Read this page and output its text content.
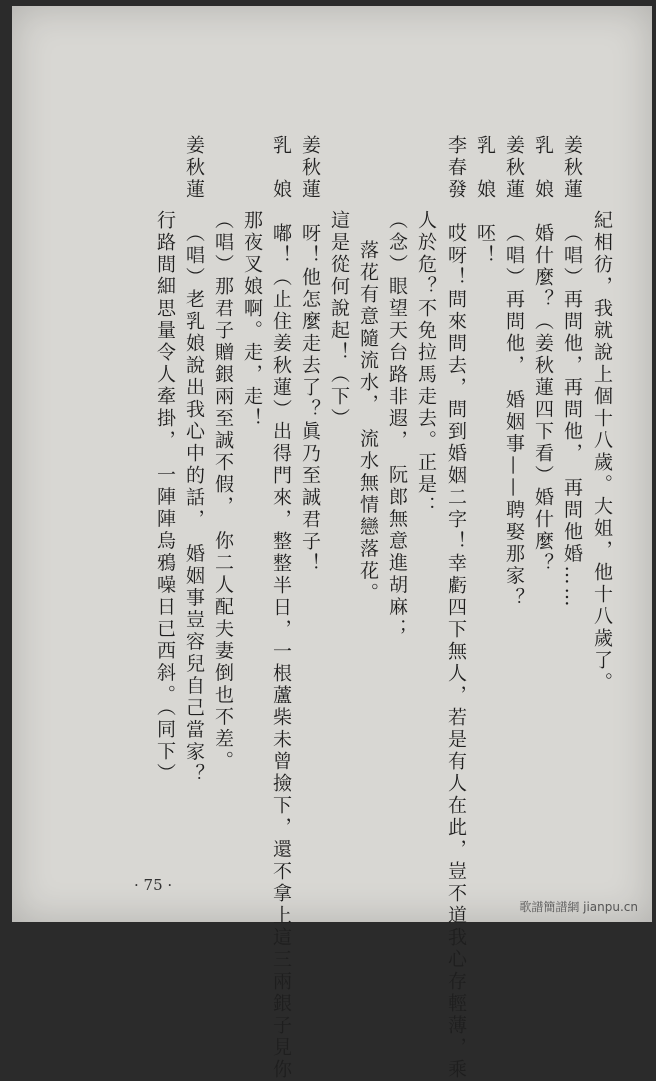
紀相彷，我就說上個十八歲。大姐，他十八歲了。
姜秋蓮　（唱）再問他，再問他，　再問他婚……
乳　娘　婚什麼？（姜秋蓮四下看）婚什麼？
姜秋蓮　（唱）再問他，　婚姻事——聘娶那家？
乳　娘　呸！
李春發　哎呀！問來問去，問到婚姻二字！幸虧四下無人，若是有人在此，豈不道我心存輕薄，乘
人於危？不免拉馬走去。正是：
（念）眼望天台路非遐，　阮郎無意進胡麻；
落花有意隨流水，　流水無情戀落花。
這是從何說起！（下）
姜秋蓮　呀！他怎麼走去了？眞乃至誠君子！
乳　娘　嘟！（止住姜秋蓮）出得門來，整整半日，一根蘆柴未曾撿下，還不拿上這三兩銀子見你
那夜叉娘啊。走，走！
（唱）那君子贈銀兩至誠不假，　你二人配夫妻倒也不差。
姜秋蓮　（唱）老乳娘說出我心中的話，　婚姻事豈容兒自己當家？
行路間細思量令人牽掛，　一陣陣烏鴉噪日已西斜。（同下）
· 75 ·
歌譜簡譜網 jianpu.cn
